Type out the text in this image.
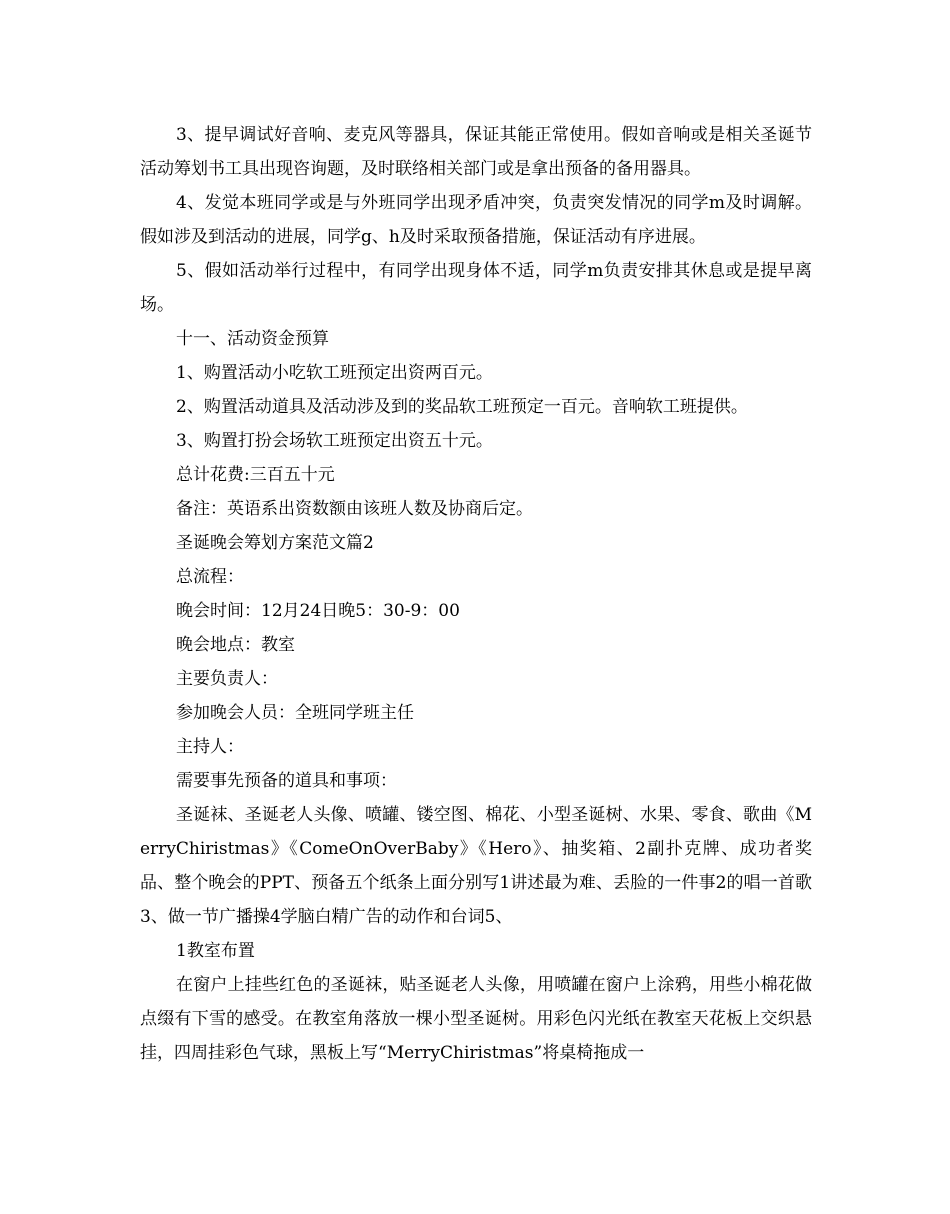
3、提早调试好音响、麦克风等器具，保证其能正常使用。假如音响或是相关圣诞节活动筹划书工具出现咨询题，及时联络相关部门或是拿出预备的备用器具。

4、发觉本班同学或是与外班同学出现矛盾冲突，负责突发情况的同学m及时调解。假如涉及到活动的进展，同学g、h及时采取预备措施，保证活动有序进展。

5、假如活动举行过程中，有同学出现身体不适，同学m负责安排其休息或是提早离场。

十一、活动资金预算

1、购置活动小吃软工班预定出资两百元。

2、购置活动道具及活动涉及到的奖品软工班预定一百元。音响软工班提供。

3、购置打扮会场软工班预定出资五十元。

总计花费:三百五十元

备注：英语系出资数额由该班人数及协商后定。

圣诞晚会筹划方案范文篇2

总流程：

晚会时间：12月24日晚5：30-9：00

晚会地点：教室

主要负责人：

参加晚会人员：全班同学班主任

主持人：

需要事先预备的道具和事项：

圣诞袜、圣诞老人头像、喷罐、镂空图、棉花、小型圣诞树、水果、零食、歌曲《MerryChiristmas》《ComeOnOverBaby》《Hero》、抽奖箱、2副扑克牌、成功者奖品、整个晚会的PPT、预备五个纸条上面分别写1讲述最为难、丢脸的一件事2的唱一首歌3、做一节广播操4学脑白精广告的动作和台词5、

1教室布置

在窗户上挂些红色的圣诞袜，贴圣诞老人头像，用喷罐在窗户上涂鸦，用些小棉花做点缀有下雪的感受。在教室角落放一棵小型圣诞树。用彩色闪光纸在教室天花板上交织悬挂，四周挂彩色气球，黑板上写“MerryChiristmas”将桌椅拖成一
